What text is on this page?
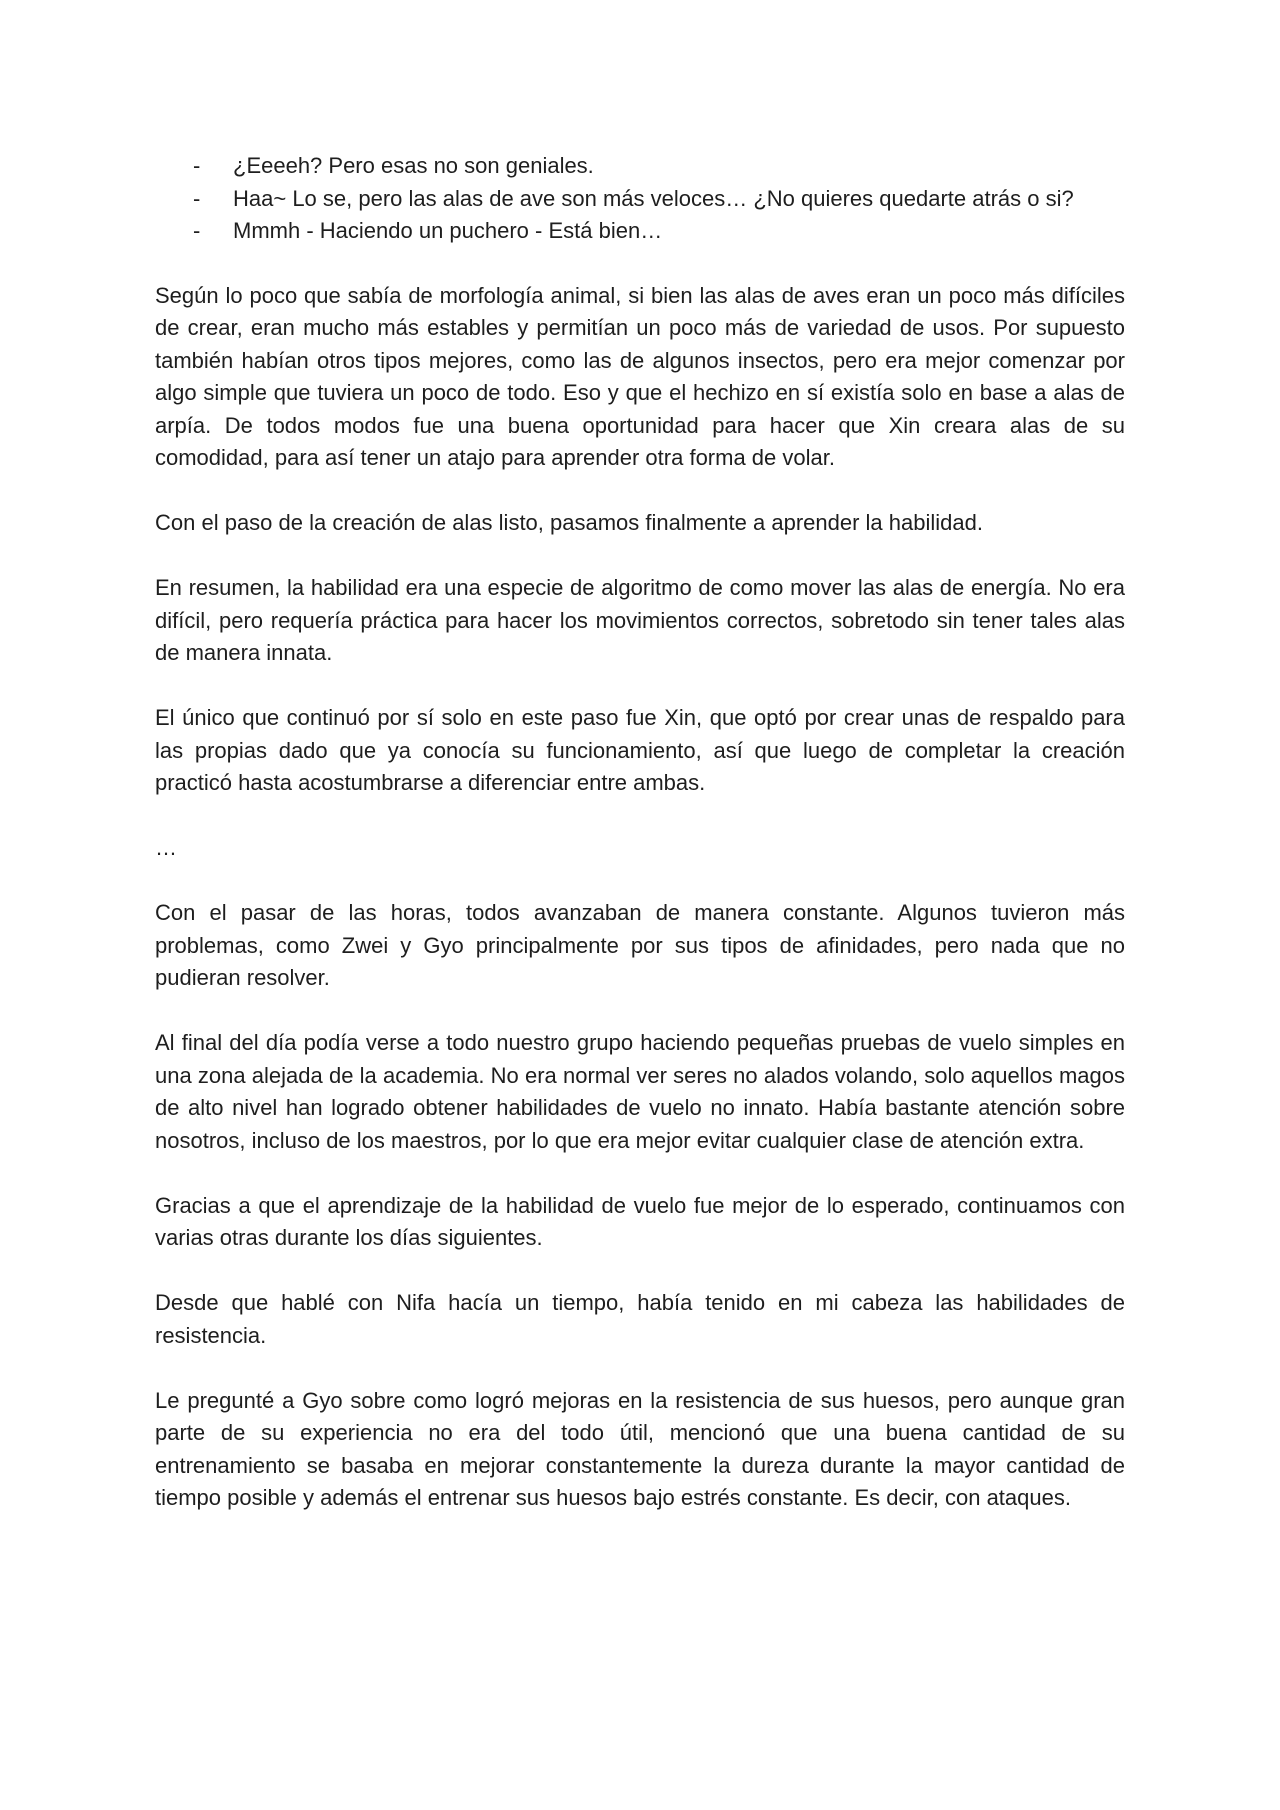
- ¿Eeeeh? Pero esas no son geniales.
- Haa~ Lo se, pero las alas de ave son más veloces… ¿No quieres quedarte atrás o si?
- Mmmh - Haciendo un puchero - Está bien…

Según lo poco que sabía de morfología animal, si bien las alas de aves eran un poco más difíciles de crear, eran mucho más estables y permitían un poco más de variedad de usos. Por supuesto también habían otros tipos mejores, como las de algunos insectos, pero era mejor comenzar por algo simple que tuviera un poco de todo. Eso y que el hechizo en sí existía solo en base a alas de arpía. De todos modos fue una buena oportunidad para hacer que Xin creara alas de su comodidad, para así tener un atajo para aprender otra forma de volar.

Con el paso de la creación de alas listo, pasamos finalmente a aprender la habilidad.

En resumen, la habilidad era una especie de algoritmo de como mover las alas de energía. No era difícil, pero requería práctica para hacer los movimientos correctos, sobretodo sin tener tales alas de manera innata.

El único que continuó por sí solo en este paso fue Xin, que optó por crear unas de respaldo para las propias dado que ya conocía su funcionamiento, así que luego de completar la creación practicó hasta acostumbrarse a diferenciar entre ambas.

…

Con el pasar de las horas, todos avanzaban de manera constante. Algunos tuvieron más problemas, como Zwei y Gyo principalmente por sus tipos de afinidades, pero nada que no pudieran resolver.

Al final del día podía verse a todo nuestro grupo haciendo pequeñas pruebas de vuelo simples en una zona alejada de la academia. No era normal ver seres no alados volando, solo aquellos magos de alto nivel han logrado obtener habilidades de vuelo no innato. Había bastante atención sobre nosotros, incluso de los maestros, por lo que era mejor evitar cualquier clase de atención extra.

Gracias a que el aprendizaje de la habilidad de vuelo fue mejor de lo esperado, continuamos con varias otras durante los días siguientes.

Desde que hablé con Nifa hacía un tiempo, había tenido en mi cabeza las habilidades de resistencia.

Le pregunté a Gyo sobre como logró mejoras en la resistencia de sus huesos, pero aunque gran parte de su experiencia no era del todo útil, mencionó que una buena cantidad de su entrenamiento se basaba en mejorar constantemente la dureza durante la mayor cantidad de tiempo posible y además el entrenar sus huesos bajo estrés constante. Es decir, con ataques.
